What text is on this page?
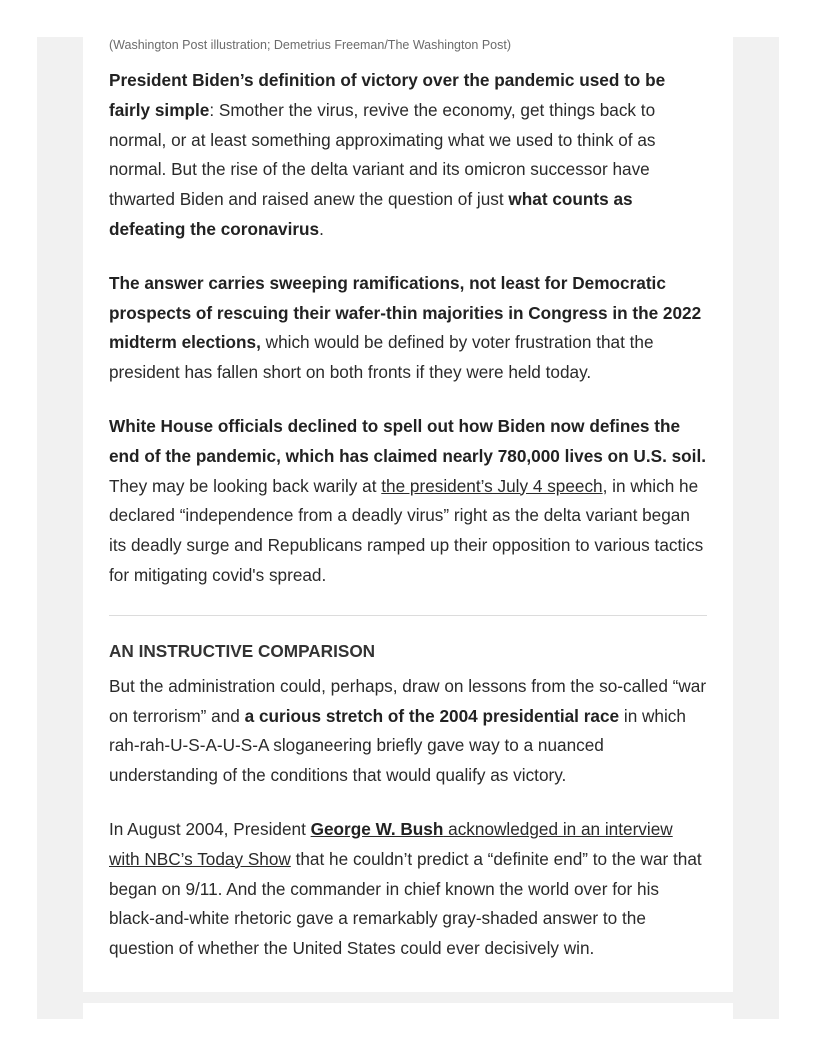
(Washington Post illustration; Demetrius Freeman/The Washington Post)

President Biden’s definition of victory over the pandemic used to be fairly simple: Smother the virus, revive the economy, get things back to normal, or at least something approximating what we used to think of as normal. But the rise of the delta variant and its omicron successor have thwarted Biden and raised anew the question of just what counts as defeating the coronavirus.

The answer carries sweeping ramifications, not least for Democratic prospects of rescuing their wafer-thin majorities in Congress in the 2022 midterm elections, which would be defined by voter frustration that the president has fallen short on both fronts if they were held today.

White House officials declined to spell out how Biden now defines the end of the pandemic, which has claimed nearly 780,000 lives on U.S. soil. They may be looking back warily at the president’s July 4 speech, in which he declared “independence from a deadly virus” right as the delta variant began its deadly surge and Republicans ramped up their opposition to various tactics for mitigating covid's spread.

AN INSTRUCTIVE COMPARISON

But the administration could, perhaps, draw on lessons from the so-called “war on terrorism” and a curious stretch of the 2004 presidential race in which rah-rah-U-S-A-U-S-A sloganeering briefly gave way to a nuanced understanding of the conditions that would qualify as victory.

In August 2004, President George W. Bush acknowledged in an interview with NBC’s Today Show that he couldn’t predict a “definite end” to the war that began on 9/11. And the commander in chief known the world over for his black-and-white rhetoric gave a remarkably gray-shaded answer to the question of whether the United States could ever decisively win.
